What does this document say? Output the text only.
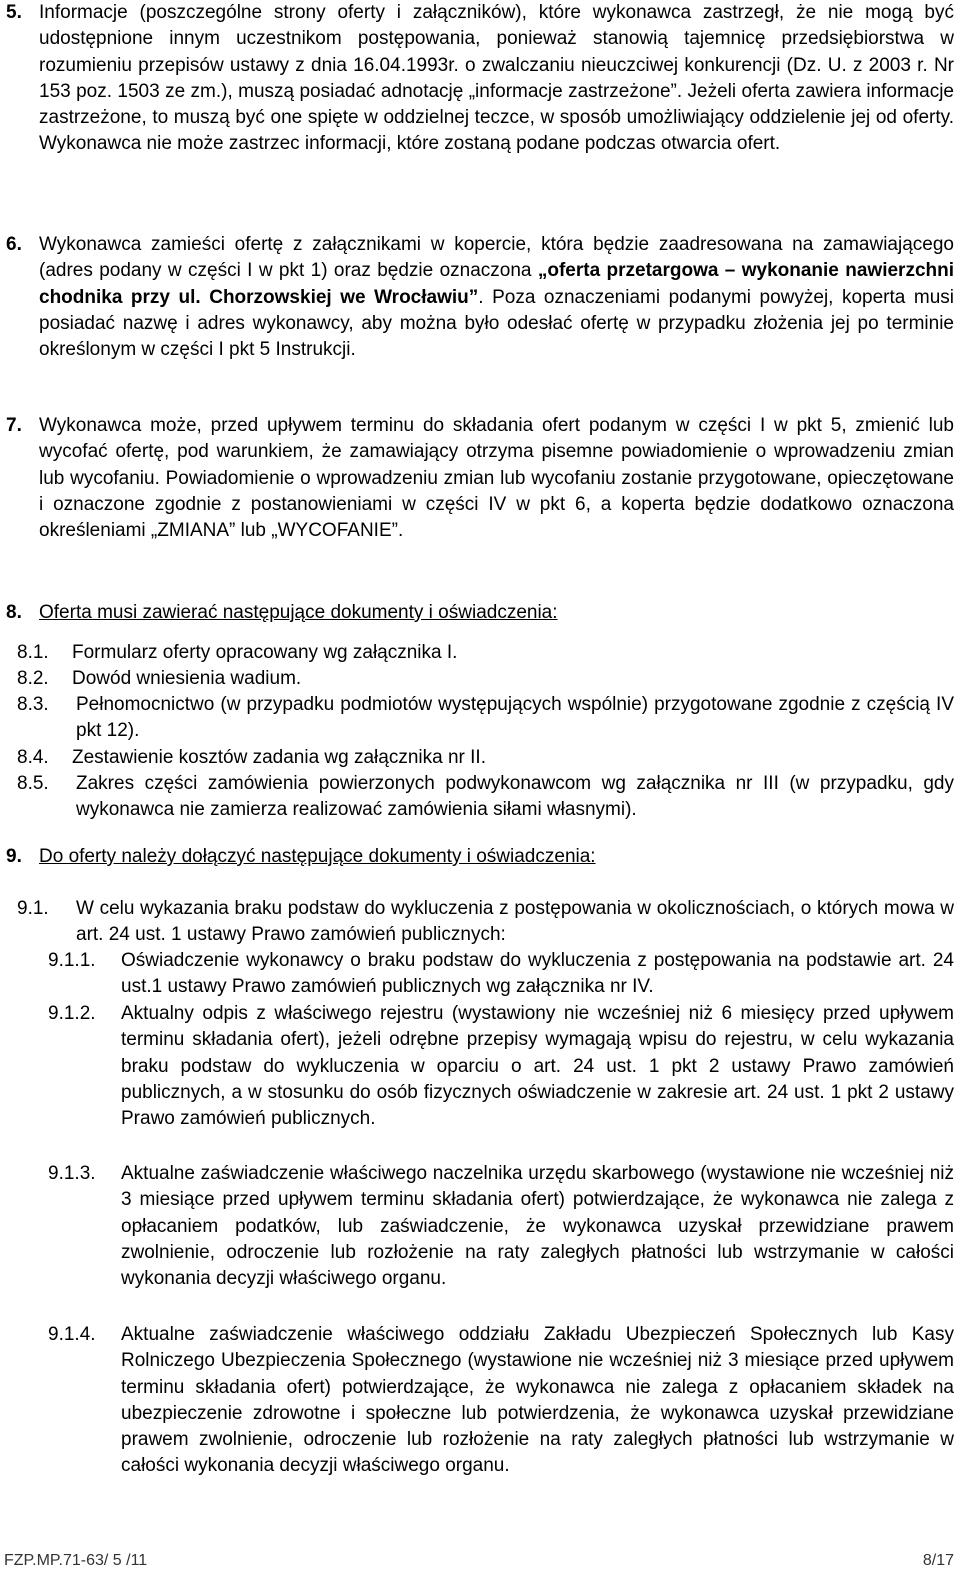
5. Informacje (poszczególne strony oferty i załączników), które wykonawca zastrzegł, że nie mogą być udostępnione innym uczestnikom postępowania, ponieważ stanowią tajemnicę przedsiębiorstwa w rozumieniu przepisów ustawy z dnia 16.04.1993r. o zwalczaniu nieuczciwej konkurencji (Dz. U. z 2003 r. Nr 153 poz. 1503 ze zm.), muszą posiadać adnotację „informacje zastrzeżone”. Jeżeli oferta zawiera informacje zastrzeżone, to muszą być one spięte w oddzielnej teczce, w sposób umożliwiający oddzielenie jej od oferty. Wykonawca nie może zastrzec informacji, które zostaną podane podczas otwarcia ofert.
6. Wykonawca zamieści ofertę z załącznikami w kopercie, która będzie zaadresowana na zamawiającego (adres podany w części I w pkt 1) oraz będzie oznaczona „oferta przetargowa – wykonanie nawierzchni chodnika przy ul. Chorzowskiej we Wrocławiu”. Poza oznaczeniami podanymi powyżej, koperta musi posiadać nazwę i adres wykonawcy, aby można było odesłać ofertę w przypadku złożenia jej po terminie określonym w części I pkt 5 Instrukcji.
7. Wykonawca może, przed upływem terminu do składania ofert podanym w części I w pkt 5, zmienić lub wycofać ofertę, pod warunkiem, że zamawiający otrzyma pisemne powiadomienie o wprowadzeniu zmian lub wycofaniu. Powiadomienie o wprowadzeniu zmian lub wycofaniu zostanie przygotowane, opieczętowane i oznaczone zgodnie z postanowieniami w części IV w pkt 6, a koperta będzie dodatkowo oznaczona określeniami „ZMIANA” lub „WYCOFANIE”.
8. Oferta musi zawierać następujące dokumenty i oświadczenia:
8.1. Formularz oferty opracowany wg załącznika I.
8.2. Dowód wniesienia wadium.
8.3. Pełnomocnictwo (w przypadku podmiotów występujących wspólnie) przygotowane zgodnie z częścią IV pkt 12).
8.4. Zestawienie kosztów zadania wg załącznika nr II.
8.5. Zakres części zamówienia powierzonych podwykonawcom wg załącznika nr III (w przypadku, gdy wykonawca nie zamierza realizować zamówienia siłami własnymi).
9. Do oferty należy dołączyć następujące dokumenty i oświadczenia:
9.1. W celu wykazania braku podstaw do wykluczenia z postępowania w okolicznościach, o których mowa w art. 24 ust. 1 ustawy Prawo zamówień publicznych:
9.1.1. Oświadczenie wykonawcy o braku podstaw do wykluczenia z postępowania na podstawie art. 24 ust.1 ustawy Prawo zamówień publicznych wg załącznika nr IV.
9.1.2. Aktualny odpis z właściwego rejestru (wystawiony nie wcześniej niż 6 miesięcy przed upływem terminu składania ofert), jeżeli odrębne przepisy wymagają wpisu do rejestru, w celu wykazania braku podstaw do wykluczenia w oparciu o art. 24 ust. 1 pkt 2 ustawy Prawo zamówień publicznych, a w stosunku do osób fizycznych oświadczenie w zakresie art. 24 ust. 1 pkt 2 ustawy Prawo zamówień publicznych.
9.1.3. Aktualne zaświadczenie właściwego naczelnika urzędu skarbowego (wystawione nie wcześniej niż 3 miesiące przed upływem terminu składania ofert) potwierdzające, że wykonawca nie zalega z opłacaniem podatków, lub zaświadczenie, że wykonawca uzyskał przewidziane prawem zwolnienie, odroczenie lub rozłożenie na raty zaległych płatności lub wstrzymanie w całości wykonania decyzji właściwego organu.
9.1.4. Aktualne zaświadczenie właściwego oddziału Zakładu Ubezpieczeń Społecznych lub Kasy Rolniczego Ubezpieczenia Społecznego (wystawione nie wcześniej niż 3 miesiące przed upływem terminu składania ofert) potwierdzające, że wykonawca nie zalega z opłacaniem składek na ubezpieczenie zdrowotne i społeczne lub potwierdzenia, że wykonawca uzyskał przewidziane prawem zwolnienie, odroczenie lub rozłożenie na raty zaległych płatności lub wstrzymanie w całości wykonania decyzji właściwego organu.
FZP.MP.71-63/ 5 /11	8/17
